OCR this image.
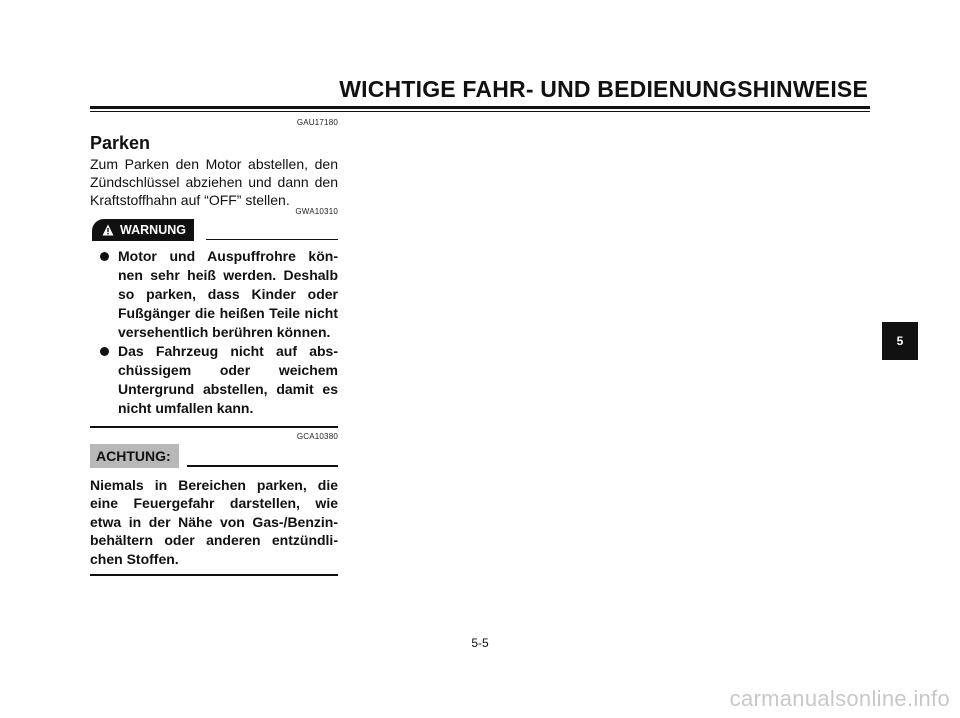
WICHTIGE FAHR- UND BEDIENUNGSHINWEISE
GAU17180
Parken

Zum Parken den Motor abstellen, den Zündschlüssel abziehen und dann den Kraftstoffhahn auf “OFF” stellen.

GWA10310
WARNUNG
Motor und Auspuffrohre kön- nen sehr heiß werden. Deshalb so parken, dass Kinder oder Fußgänger die heißen Teile nicht versehentlich berühren können.
Das Fahrzeug nicht auf abs- chüssigem oder weichem Untergrund abstellen, damit es nicht umfallen kann.
GCA10380
ACHTUNG:

Niemals in Bereichen parken, die eine Feuergefahr darstellen, wie etwa in der Nähe von Gas-/Benzin- behältern oder anderen entzündli- chen Stoffen.

5
5-5
carmanualsonline.info
